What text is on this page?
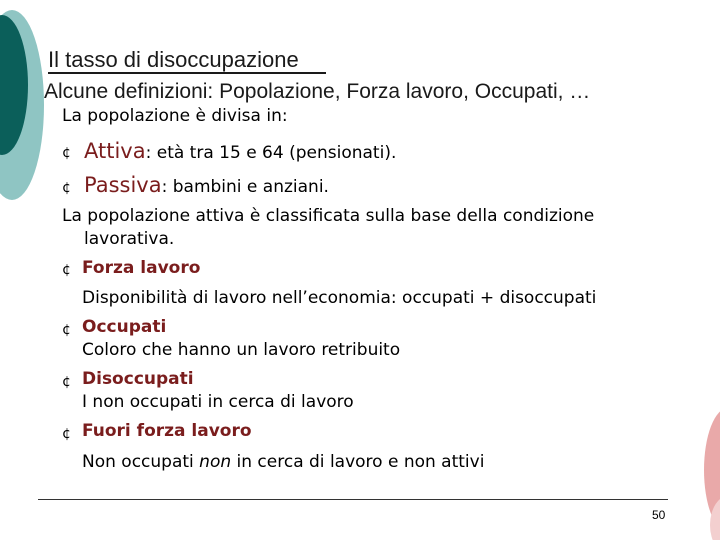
Il tasso di disoccupazione
Alcune definizioni: Popolazione, Forza lavoro, Occupati, …
La popolazione è divisa in:
¢ Attiva: età tra 15 e 64 (pensionati).
¢ Passiva: bambini e anziani.
La popolazione attiva è classificata sulla base della condizione
lavorativa.
¢ Forza lavoro
Disponibilità di lavoro nell’economia: occupati + disoccupati
¢ Occupati
Coloro che hanno un lavoro retribuito
¢ Disoccupati
I non occupati in cerca di lavoro
¢ Fuori forza lavoro
Non occupati non in cerca di lavoro e non attivi
50
